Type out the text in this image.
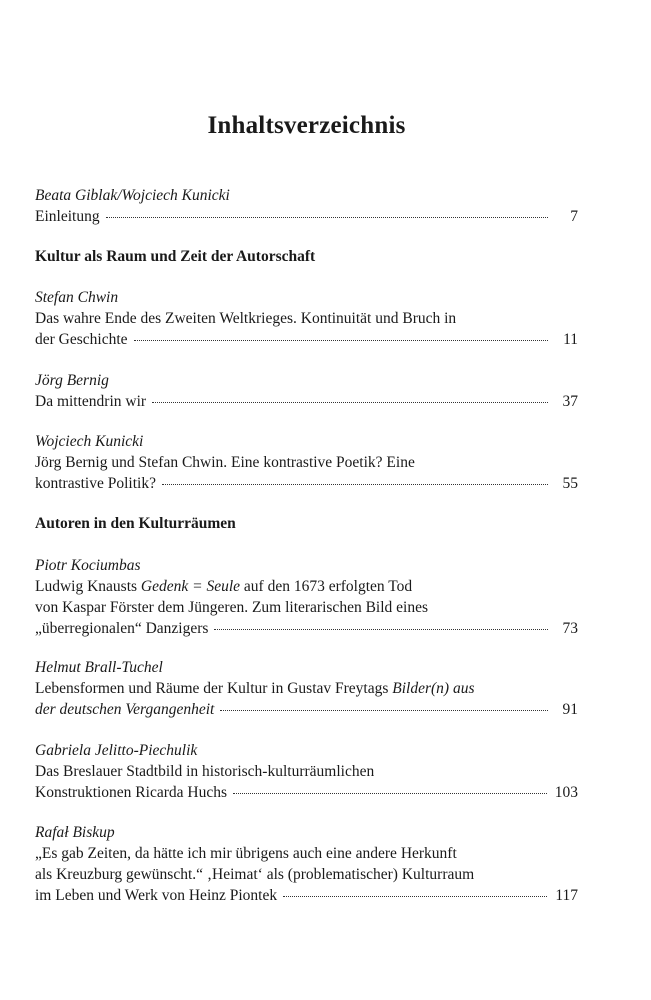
Inhaltsverzeichnis
Beata Giblak/Wojciech Kunicki
Einleitung	7
Kultur als Raum und Zeit der Autorschaft
Stefan Chwin
Das wahre Ende des Zweiten Weltkrieges. Kontinuität und Bruch in
der Geschichte	11
Jörg Bernig
Da mittendrin wir	37
Wojciech Kunicki
Jörg Bernig und Stefan Chwin. Eine kontrastive Poetik? Eine
kontrastive Politik?	55
Autoren in den Kulturräumen
Piotr Kociumbas
Ludwig Knausts Gedenk = Seule auf den 1673 erfolgten Tod
von Kaspar Förster dem Jüngeren. Zum literarischen Bild eines
„überregionalen“ Danzigers	73
Helmut Brall-Tuchel
Lebensformen und Räume der Kultur in Gustav Freytags Bilder(n) aus
der deutschen Vergangenheit	91
Gabriela Jelitto-Piechulik
Das Breslauer Stadtbild in historisch-kulturräumlichen
Konstruktionen Ricarda Huchs	103
Rafał Biskup
„Es gab Zeiten, da hätte ich mir übrigens auch eine andere Herkunft
als Kreuzburg gewünscht.“ ‚Heimat‘ als (problematischer) Kulturraum
im Leben und Werk von Heinz Piontek	117
